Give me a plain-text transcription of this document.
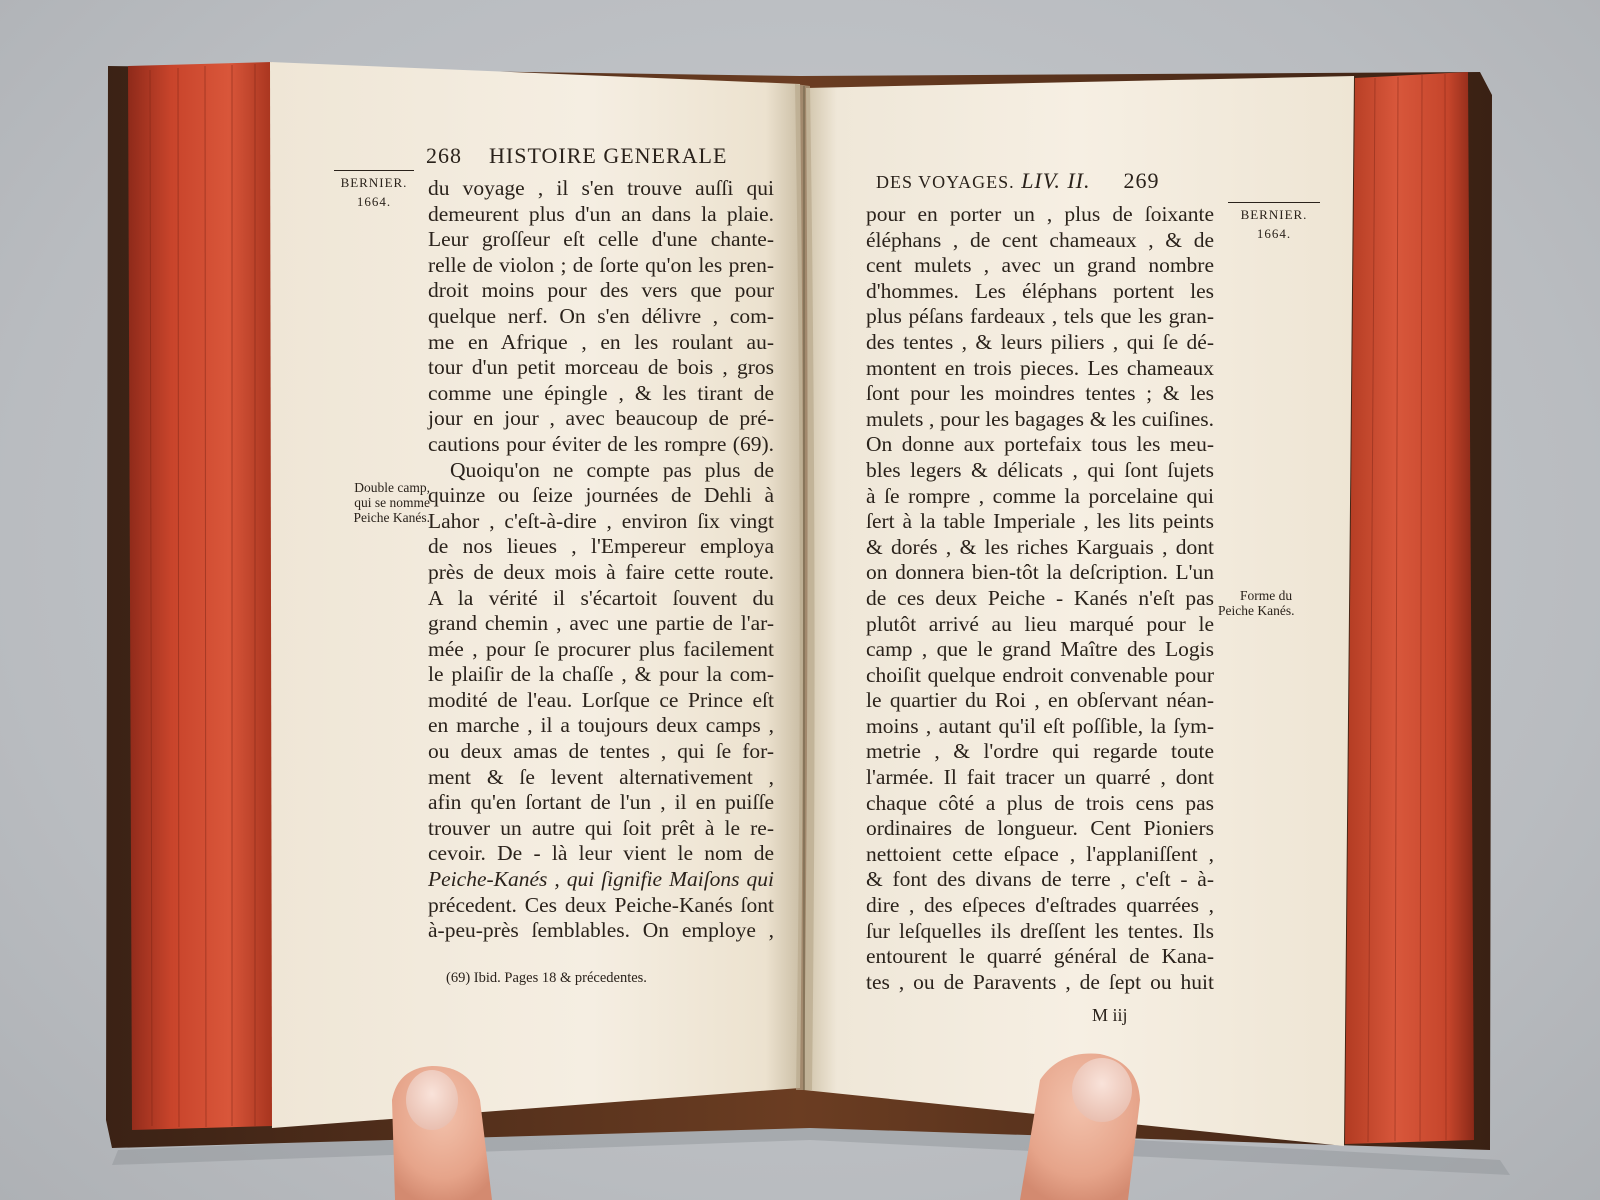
268 HISTOIRE GENERALE
BERNIER.
1664.
Double camp,
qui se nomme
Peiche Kanés.
du voyage , il s'en trouve auſſi qui
demeurent plus d'un an dans la plaie.
Leur groſſeur eſt celle d'une chante-
relle de violon ; de ſorte qu'on les pren-
droit moins pour des vers que pour
quelque nerf. On s'en délivre , com-
me en Afrique , en les roulant au-
tour d'un petit morceau de bois , gros
comme une épingle , & les tirant de
jour en jour , avec beaucoup de pré-
cautions pour éviter de les rompre (69).
Quoiqu'on ne compte pas plus de
quinze ou ſeize journées de Dehli à
Lahor , c'eſt-à-dire , environ ſix vingt
de nos lieues , l'Empereur employa
près de deux mois à faire cette route.
A la vérité il s'écartoit ſouvent du
grand chemin , avec une partie de l'ar-
mée , pour ſe procurer plus facilement
le plaiſir de la chaſſe , & pour la com-
modité de l'eau. Lorſque ce Prince eſt
en marche , il a toujours deux camps ,
ou deux amas de tentes , qui ſe for-
ment & ſe levent alternativement ,
afin qu'en ſortant de l'un , il en puiſſe
trouver un autre qui ſoit prêt à le re-
cevoir. De - là leur vient le nom de
Peiche-Kanés , qui ſignifie Maiſons qui
précedent. Ces deux Peiche-Kanés ſont
à-peu-près ſemblables. On employe ,
(69) Ibid. Pages 18 & précedentes.
DES VOYAGES. LIV. II. 269
BERNIER.
1664.
Forme du
Peiche Kanés.
pour en porter un , plus de ſoixante
éléphans , de cent chameaux , & de
cent mulets , avec un grand nombre
d'hommes. Les éléphans portent les
plus péſans fardeaux , tels que les gran-
des tentes , & leurs piliers , qui ſe dé-
montent en trois pieces. Les chameaux
ſont pour les moindres tentes ; & les
mulets , pour les bagages & les cuiſines.
On donne aux portefaix tous les meu-
bles legers & délicats , qui ſont ſujets
à ſe rompre , comme la porcelaine qui
ſert à la table Imperiale , les lits peints
& dorés , & les riches Karguais , dont
on donnera bien-tôt la deſcription. L'un
de ces deux Peiche - Kanés n'eſt pas
plutôt arrivé au lieu marqué pour le
camp , que le grand Maître des Logis
choiſit quelque endroit convenable pour
le quartier du Roi , en obſervant néan-
moins , autant qu'il eſt poſſible, la ſym-
metrie , & l'ordre qui regarde toute
l'armée. Il fait tracer un quarré , dont
chaque côté a plus de trois cens pas
ordinaires de longueur. Cent Pioniers
nettoient cette eſpace , l'applaniſſent ,
& font des divans de terre , c'eſt - à-
dire , des eſpeces d'eſtrades quarrées ,
ſur leſquelles ils dreſſent les tentes. Ils
entourent le quarré général de Kana-
tes , ou de Paravents , de ſept ou huit
M iij
